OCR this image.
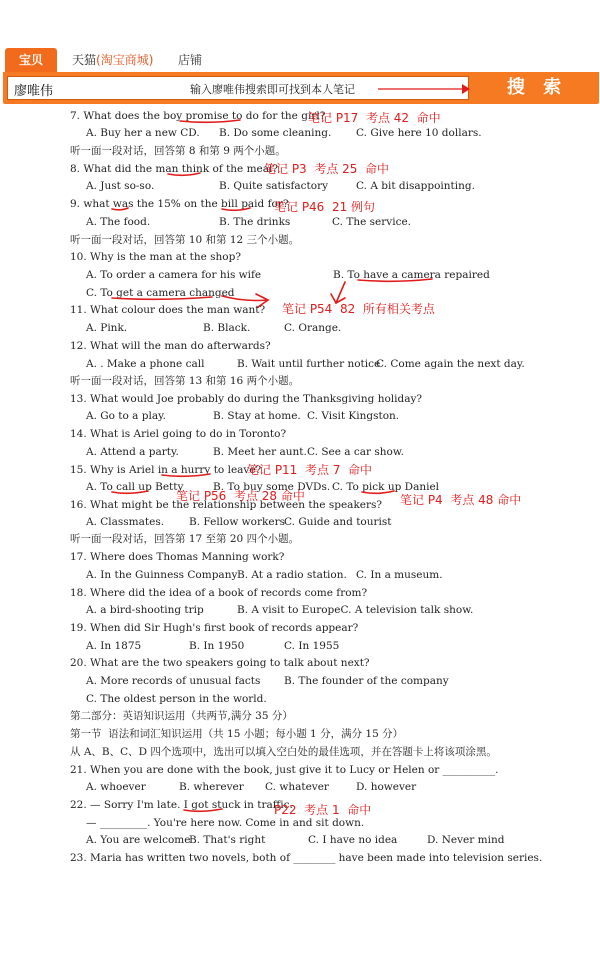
宝贝	天猫(淘宝商城) 店铺
廖唯伟	输入廖唯伟搜索即可找到本人笔记	搜 索
7. What does the boy promise to do for the girl?
A. Buy her a new CD. B. Do some cleaning. C. Give here 10 dollars.
听一面一段对话，回答第 8 和第 9 两个小题。
8. What did the man think of the meal?
A. Just so-so.	B. Quite satisfactory	C. A bit disappointing.
9. what was the 15% on the bill paid for?
A. The food.	B. The drinks	C. The service.
听一面一段对话，回答第 10 和第 12 三个小题。
10. Why is the man at the shop?
A. To order a camera for his wife	B. To have a camera repaired
C. To get a camera changed
11. What colour does the man want?
A. Pink.	B. Black.	C. Orange.
12. What will the man do afterwards?
A. . Make a phone call	B. Wait until further notice
C. Come again the next day.
听一面一段对话，回答第 13 和第 16 两个小题。
13. What would Joe probably do during the Thanksgiving holiday?
A. Go to a play.	B. Stay at home. C. Visit Kingston.
14. What is Ariel going to do in Toronto?
A. Attend a party.	B. Meet her aunt. C. See a car show.
15. Why is Ariel in a hurry to leave?
A. To call up Betty	B. To buy some DVDs. C. To pick up Daniel
16. What might be the relationship between the speakers?
A. Classmates. B. Fellow workers C. Guide and tourist
听一面一段对话，回答第 17 至第 20 四个小题。
17. Where does Thomas Manning work?
A. In the Guinness Company B. At a radio station. C. In a museum.
18. Where did the idea of a book of records come from?
A. a bird-shooting trip	B. A visit to EuropeC. A television talk show.
19. When did Sir Hugh's first book of records appear?
A. In 1875	B. In 1950	C. In 1955
20. What are the two speakers going to talk about next?
A. More records of unusual facts B. The founder of the company
C. The oldest person in the world.
第二部分：英语知识运用（共两节,满分 35 分）
第一节  语法和词汇知识运用（共 15 小题；每小题 1 分，满分 15 分）
从 A、B、C、D 四个选项中，选出可以填入空白处的最佳选项，并在答题卡上将该项涂黑。
21. When you are done with the book, just give it to Lucy or Helen or __________.
A. whoever	B. wherever C. whatever	D. however
22. — Sorry I'm late. I got stuck in traffic.
— _________. You're here now. Come in and sit down.
A. You are welcome
B. That's right	C. I have no idea	D. Never mind
23. Maria has written two novels, both of ________ have been made into television series.
笔记 P17  考点 42  命中
笔记 P3  考点 25  命中
笔记 P46  21 例句
笔记 P54  82  所有相关考点
笔记 P11  考点 7  命中
笔记 P56  考点 28 命中	笔记 P4  考点 48 命中
P22  考点 1  命中
